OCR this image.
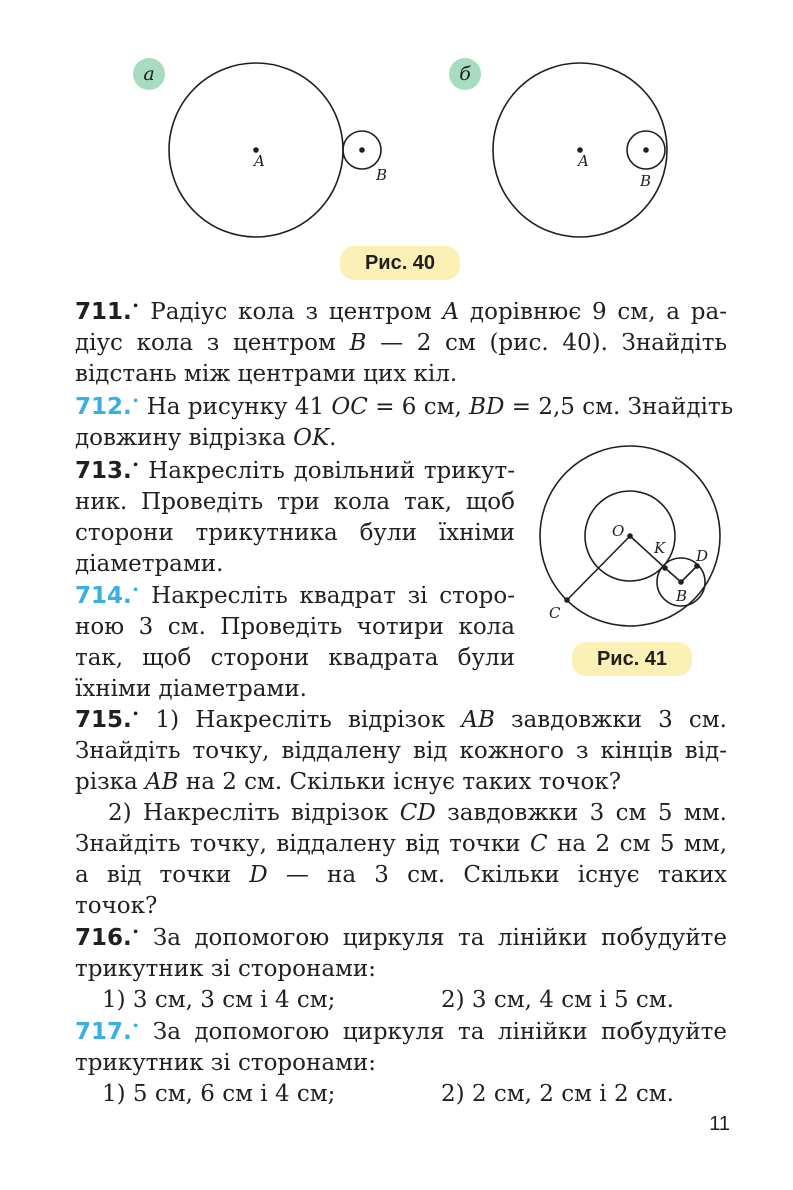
а
A
B
б
A
B
Рис. 40
O
K D
B
C
Рис. 41
711.• Радіус кола з центром A дорівнює 9 см, а ра-
діус кола з центром B — 2 см (рис. 40). Знайдіть
відстань між центрами цих кіл.
712.• На рисунку 41 OC = 6 см, BD = 2,5 см. Знайдіть
довжину відрізка OK.
713.• Накресліть довільний трикут-
ник. Проведіть три кола так, щоб
сторони трикутника були їхніми
діаметрами.
714.• Накресліть квадрат зі сторо-
ною 3 см. Проведіть чотири кола
так, щоб сторони квадрата були
їхніми діаметрами.
715.• 1) Накресліть відрізок AB завдовжки 3 см.
Знайдіть точку, віддалену від кожного з кінців від-
різка AB на 2 см. Скільки існує таких точок?
2) Накресліть відрізок CD завдовжки 3 см 5 мм.
Знайдіть точку, віддалену від точки C на 2 см 5 мм,
а від точки D — на 3 см. Скільки існує таких
точок?
716.• За допомогою циркуля та лінійки побудуйте
трикутник зі сторонами:
1) 3 см, 3 см і 4 см;	2) 3 см, 4 см і 5 см.
717.• За допомогою циркуля та лінійки побудуйте
трикутник зі сторонами:
1) 5 см, 6 см і 4 см;	2) 2 см, 2 см і 2 см.
11
